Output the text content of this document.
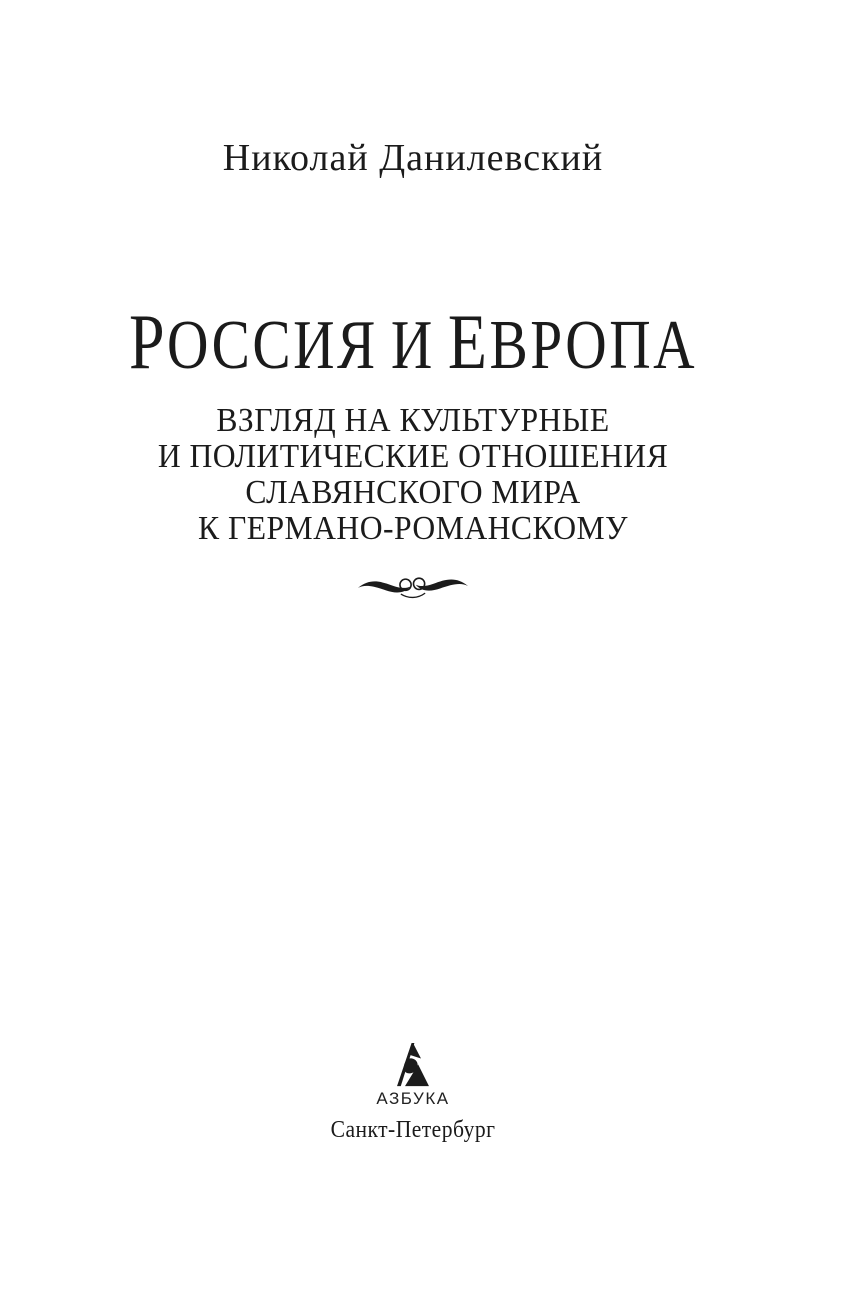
Николай Данилевский
РОССИЯ И ЕВРОПА
ВЗГЛЯД НА КУЛЬТУРНЫЕ
И ПОЛИТИЧЕСКИЕ ОТНОШЕНИЯ
СЛАВЯНСКОГО МИРА
К ГЕРМАНО-РОМАНСКОМУ
АЗБУКА
Санкт-Петербург
